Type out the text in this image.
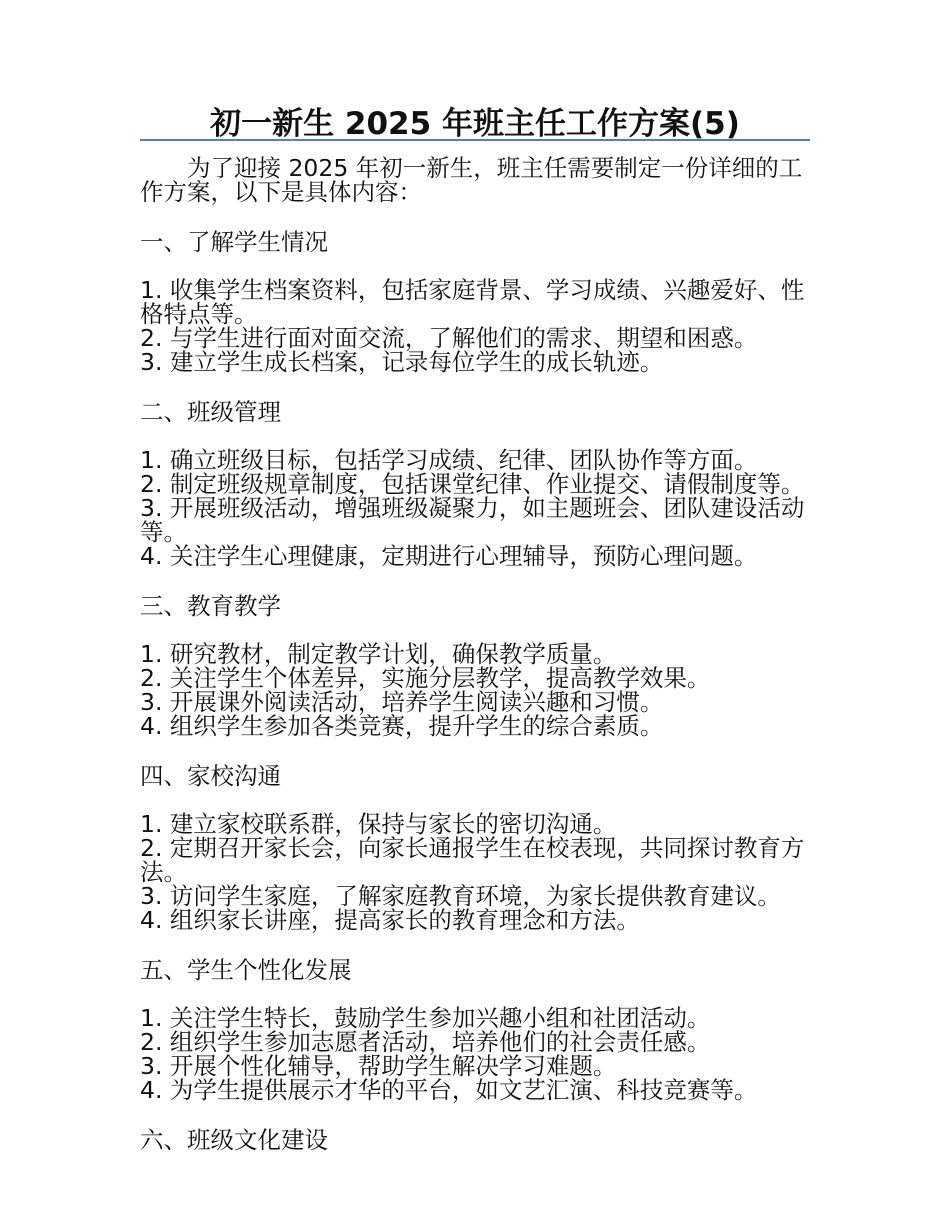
初一新生 2025 年班主任工作方案(5)

为了迎接 2025 年初一新生，班主任需要制定一份详细的工作方案，以下是具体内容：

一、了解学生情况
1. 收集学生档案资料，包括家庭背景、学习成绩、兴趣爱好、性格特点等。
2. 与学生进行面对面交流，了解他们的需求、期望和困惑。
3. 建立学生成长档案，记录每位学生的成长轨迹。
二、班级管理
1. 确立班级目标，包括学习成绩、纪律、团队协作等方面。
2. 制定班级规章制度，包括课堂纪律、作业提交、请假制度等。
3. 开展班级活动，增强班级凝聚力，如主题班会、团队建设活动等。
4. 关注学生心理健康，定期进行心理辅导，预防心理问题。
三、教育教学
1. 研究教材，制定教学计划，确保教学质量。
2. 关注学生个体差异，实施分层教学，提高教学效果。
3. 开展课外阅读活动，培养学生阅读兴趣和习惯。
4. 组织学生参加各类竞赛，提升学生的综合素质。
四、家校沟通
1. 建立家校联系群，保持与家长的密切沟通。
2. 定期召开家长会，向家长通报学生在校表现，共同探讨教育方法。
3. 访问学生家庭，了解家庭教育环境，为家长提供教育建议。
4. 组织家长讲座，提高家长的教育理念和方法。
五、学生个性化发展
1. 关注学生特长，鼓励学生参加兴趣小组和社团活动。
2. 组织学生参加志愿者活动，培养他们的社会责任感。
3. 开展个性化辅导，帮助学生解决学习难题。
4. 为学生提供展示才华的平台，如文艺汇演、科技竞赛等。
六、班级文化建设
